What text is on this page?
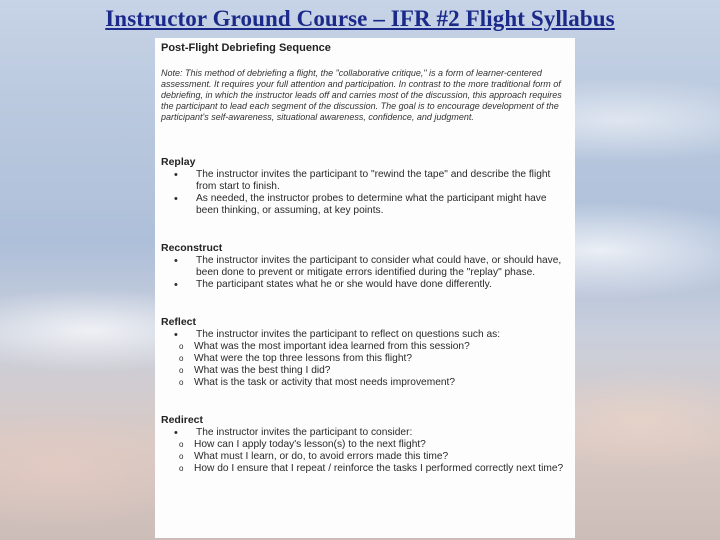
Instructor Ground Course – IFR #2 Flight Syllabus
Post-Flight Debriefing Sequence
Note: This method of debriefing a flight, the "collaborative critique," is a form of learner-centered assessment. It requires your full attention and participation. In contrast to the more traditional form of debriefing, in which the instructor leads off and carries most of the discussion, this approach requires the participant to lead each segment of the discussion. The goal is to encourage development of the participant's self-awareness, situational awareness, confidence, and judgment.
Replay
• The instructor invites the participant to "rewind the tape" and describe the flight from start to finish.
• As needed, the instructor probes to determine what the participant might have been thinking, or assuming, at key points.
Reconstruct
• The instructor invites the participant to consider what could have, or should have, been done to prevent or mitigate errors identified during the "replay" phase.
• The participant states what he or she would have done differently.
Reflect
• The instructor invites the participant to reflect on questions such as:
o What was the most important idea learned from this session?
o What were the top three lessons from this flight?
o What was the best thing I did?
o What is the task or activity that most needs improvement?
Redirect
• The instructor invites the participant to consider:
o How can I apply today's lesson(s) to the next flight?
o What must I learn, or do, to avoid errors made this time?
o How do I ensure that I repeat / reinforce the tasks I performed correctly next time?
